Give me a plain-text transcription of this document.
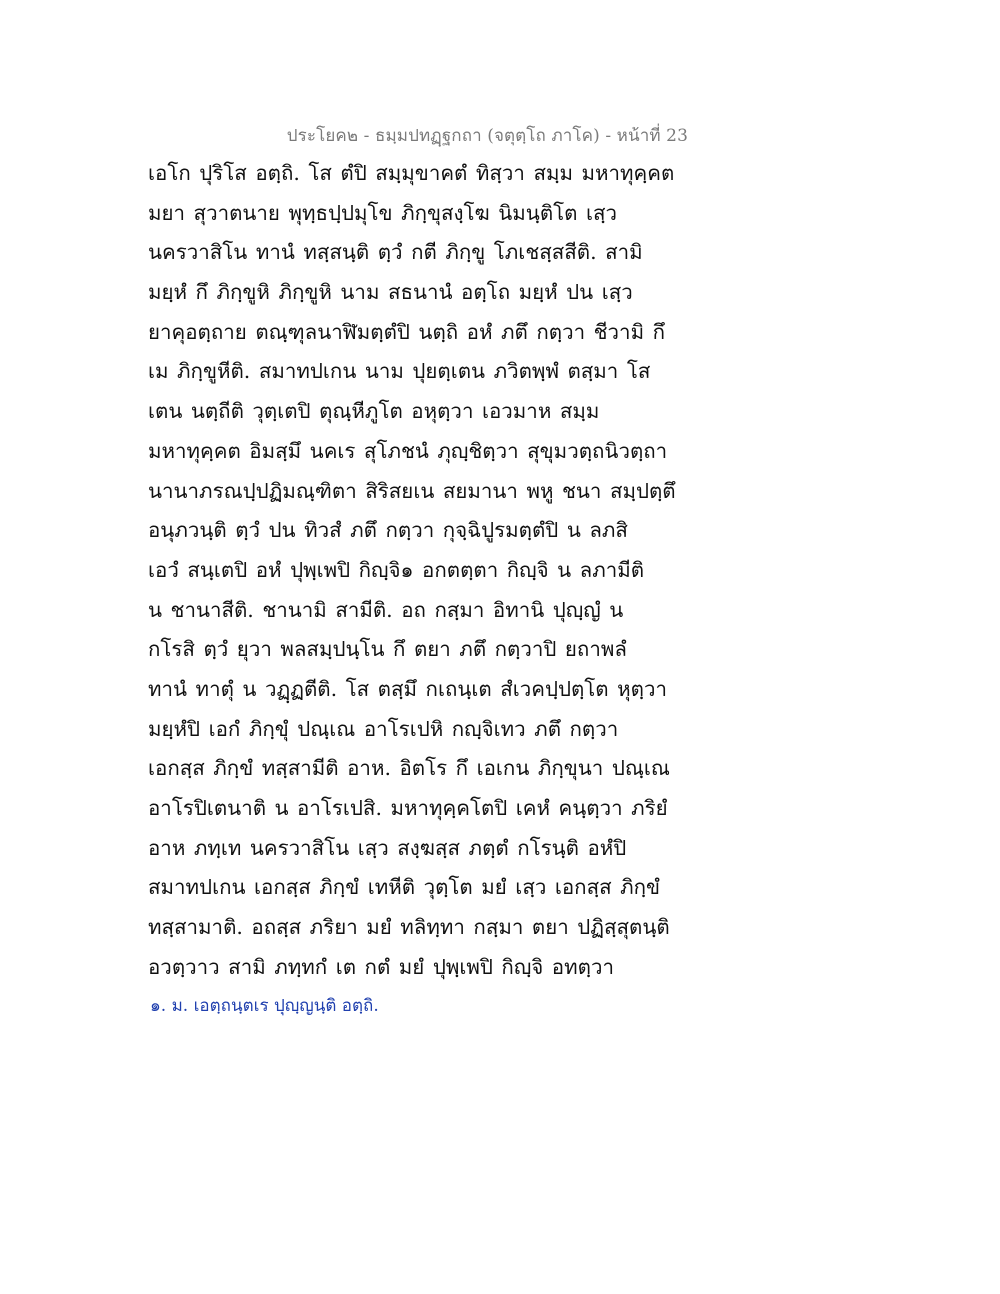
ประโยค๒ - ธมฺมปทฏฺฐกถา (จตุตฺโถ ภาโค) - หน้าที่ 23
เอโก ปุริโส อตฺถิ. โส ตํปิ สมฺมุขาคตํ ทิสฺวา สมฺม มหาทุคฺคต
มยา สุวาตนาย พุทฺธปฺปมุโข ภิกฺขุสงฺโฆ นิมนฺติโต เสฺว
นครวาสิโน ทานํ ทสฺสนฺติ ตฺวํ กตี ภิกฺขู โภเชสฺสสีติ. สามิ
มยฺหํ กึ ภิกฺขูหิ ภิกฺขูหิ นาม สธนานํ อตฺโถ มยฺหํ ปน เสฺว
ยาคุอตฺถาย ตณฺฑุลนาฬิมตฺตํปิ นตฺถิ อหํ ภตึ กตฺวา ชีวามิ กึ
เม ภิกฺขูหีติ. สมาทปเกน นาม ปุยตฺเตน ภวิตพฺพํ ตสฺมา โส
เตน นตฺถีติ วุตฺเตปิ ตุณฺหีภูโต อหุตฺวา เอวมาห สมฺม
มหาทุคฺคต อิมสฺมึ นคเร สุโภชนํ ภุญฺชิตฺวา สุขุมวตฺถนิวตฺถา
นานาภรณปฺปฏิมณฺฑิตา สิริสยเน สยมานา พหู ชนา สมฺปตฺตึ
อนุภวนฺติ ตฺวํ ปน ทิวสํ ภตึ กตฺวา กุจฺฉิปูรมตฺตํปิ น ลภสิ
เอวํ สนฺเตปิ อหํ ปุพฺเพปิ กิญฺจิ๑ อกตตฺตา กิญฺจิ น ลภามีติ
น ชานาสีติ. ชานามิ สามีติ. อถ กสฺมา อิทานิ ปุญฺญํ น
กโรสิ ตฺวํ ยุวา พลสมฺปนฺโน กึ ตยา ภตึ กตฺวาปิ ยถาพลํ
ทานํ ทาตุํ น วฏฺฏตีติ. โส ตสฺมึ กเถนฺเต สํเวคปฺปตฺโต หุตฺวา
มยฺหํปิ เอกํ ภิกฺขุํ ปณฺเณ อาโรเปหิ กญฺจิเทว ภตึ กตฺวา
เอกสฺส ภิกฺขํ ทสฺสามีติ อาห. อิตโร กึ เอเกน ภิกฺขุนา ปณฺเณ
อาโรปิเตนาติ น อาโรเปสิ. มหาทุคฺคโตปิ เคหํ คนฺตฺวา ภริยํ
อาห ภทฺเท นครวาสิโน เสฺว สงฺฆสฺส ภตฺตํ กโรนฺติ อหํปิ
สมาทปเกน เอกสฺส ภิกฺขํ เทหีติ วุตฺโต มยํ เสฺว เอกสฺส ภิกฺขํ
ทสฺสามาติ. อถสฺส ภริยา มยํ ทลิทฺทา กสฺมา ตยา ปฏิสฺสุตนฺติ
อวตฺวาว สามิ ภทฺทกํ เต กตํ มยํ ปุพฺเพปิ กิญฺจิ อทตฺวา
๑. ม. เอตฺถนฺตเร ปุญฺญนฺติ อตฺถิ.
